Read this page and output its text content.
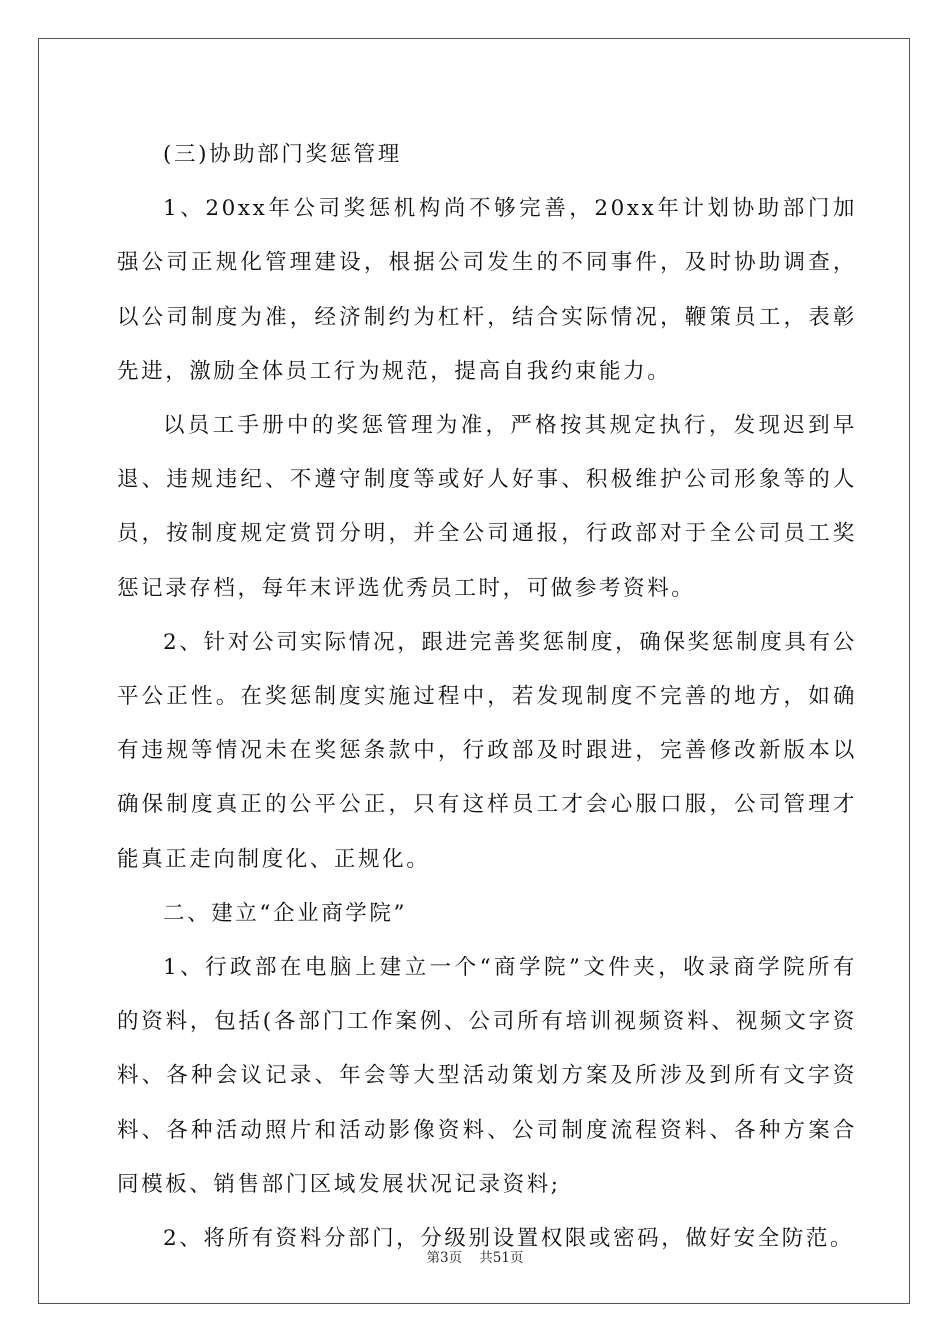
(三)协助部门奖惩管理

1、20xx年公司奖惩机构尚不够完善，20xx年计划协助部门加强公司正规化管理建设，根据公司发生的不同事件，及时协助调查，以公司制度为准，经济制约为杠杆，结合实际情况，鞭策员工，表彰先进，激励全体员工行为规范，提高自我约束能力。

以员工手册中的奖惩管理为准，严格按其规定执行，发现迟到早退、违规违纪、不遵守制度等或好人好事、积极维护公司形象等的人员，按制度规定赏罚分明，并全公司通报，行政部对于全公司员工奖惩记录存档，每年末评选优秀员工时，可做参考资料。

2、针对公司实际情况，跟进完善奖惩制度，确保奖惩制度具有公平公正性。在奖惩制度实施过程中，若发现制度不完善的地方，如确有违规等情况未在奖惩条款中，行政部及时跟进，完善修改新版本以确保制度真正的公平公正，只有这样员工才会心服口服，公司管理才能真正走向制度化、正规化。

二、建立“企业商学院”

1、行政部在电脑上建立一个“商学院”文件夹，收录商学院所有的资料，包括(各部门工作案例、公司所有培训视频资料、视频文字资料、各种会议记录、年会等大型活动策划方案及所涉及到所有文字资料、各种活动照片和活动影像资料、公司制度流程资料、各种方案合同模板、销售部门区域发展状况记录资料;

2、将所有资料分部门，分级别设置权限或密码，做好安全防范。

第3页 共51页
